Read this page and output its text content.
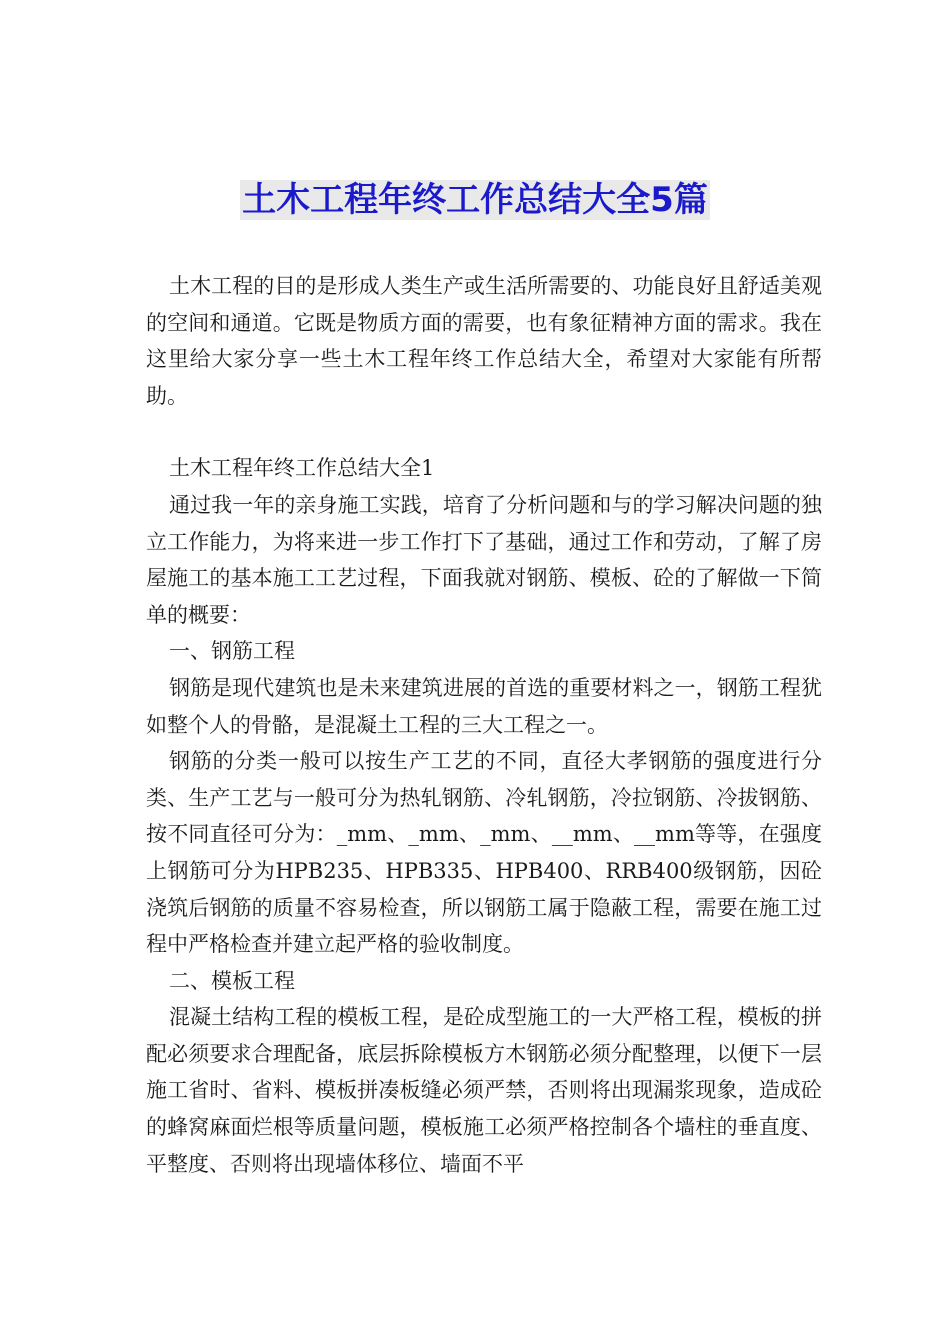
土木工程年终工作总结大全5篇

土木工程的目的是形成人类生产或生活所需要的、功能良好且舒适美观的空间和通道。它既是物质方面的需要，也有象征精神方面的需求。我在这里给大家分享一些土木工程年终工作总结大全，希望对大家能有所帮助。

土木工程年终工作总结大全1

通过我一年的亲身施工实践，培育了分析问题和与的学习解决问题的独立工作能力，为将来进一步工作打下了基础，通过工作和劳动，了解了房屋施工的基本施工工艺过程，下面我就对钢筋、模板、砼的了解做一下简单的概要：

一、钢筋工程

钢筋是现代建筑也是未来建筑进展的首选的重要材料之一，钢筋工程犹如整个人的骨骼，是混凝土工程的三大工程之一。

钢筋的分类一般可以按生产工艺的不同，直径大孝钢筋的强度进行分类、生产工艺与一般可分为热轧钢筋、冷轧钢筋，冷拉钢筋、冷拔钢筋、按不同直径可分为：_mm、_mm、_mm、__mm、__mm等等，在强度上钢筋可分为HPB235、HPB335、HPB400、RRB400级钢筋，因砼浇筑后钢筋的质量不容易检查，所以钢筋工属于隐蔽工程，需要在施工过程中严格检查并建立起严格的验收制度。

二、模板工程

混凝土结构工程的模板工程，是砼成型施工的一大严格工程，模板的拼配必须要求合理配备，底层拆除模板方木钢筋必须分配整理，以便下一层施工省时、省料、模板拼凑板缝必须严禁，否则将出现漏浆现象，造成砼的蜂窝麻面烂根等质量问题，模板施工必须严格控制各个墙柱的垂直度、平整度、否则将出现墙体移位、墙面不平
